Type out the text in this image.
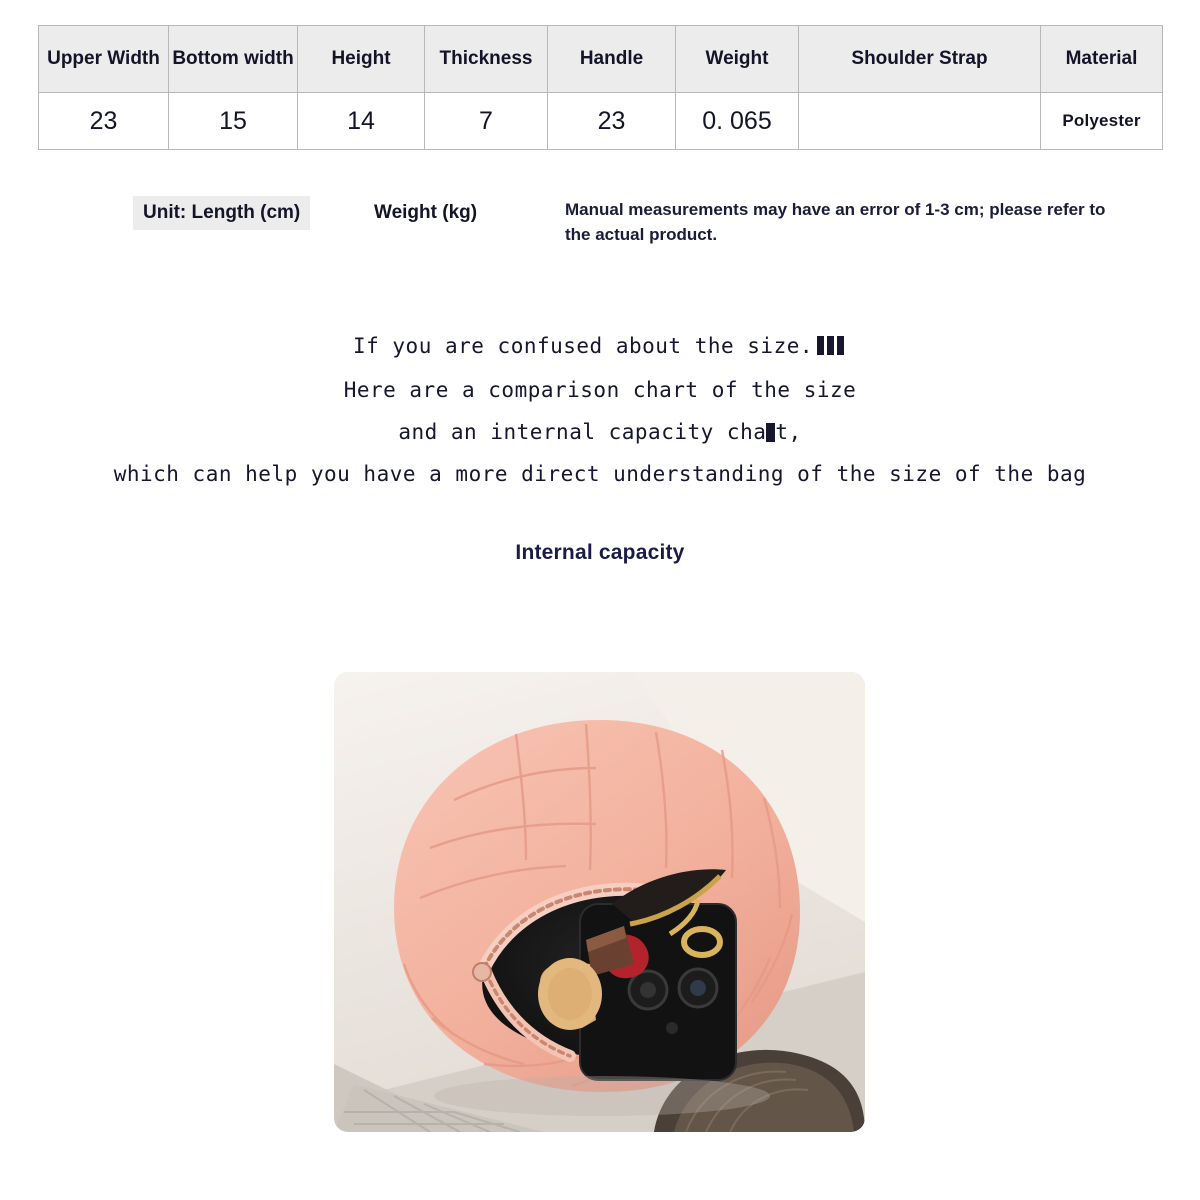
Upper Width	Bottom width	Height	Thickness	Handle	Weight	Shoulder Strap	Material
23	15	14	7	23	0. 065		Polyester
Unit: Length (cm)	Weight (kg)	Manual measurements may have an error of 1-3 cm; please refer to the actual product.
If you are confused about the size.
Here are a comparison chart of the size
and an internal capacity cha t,
which can help you have a more direct understanding of the size of the bag
Internal capacity
